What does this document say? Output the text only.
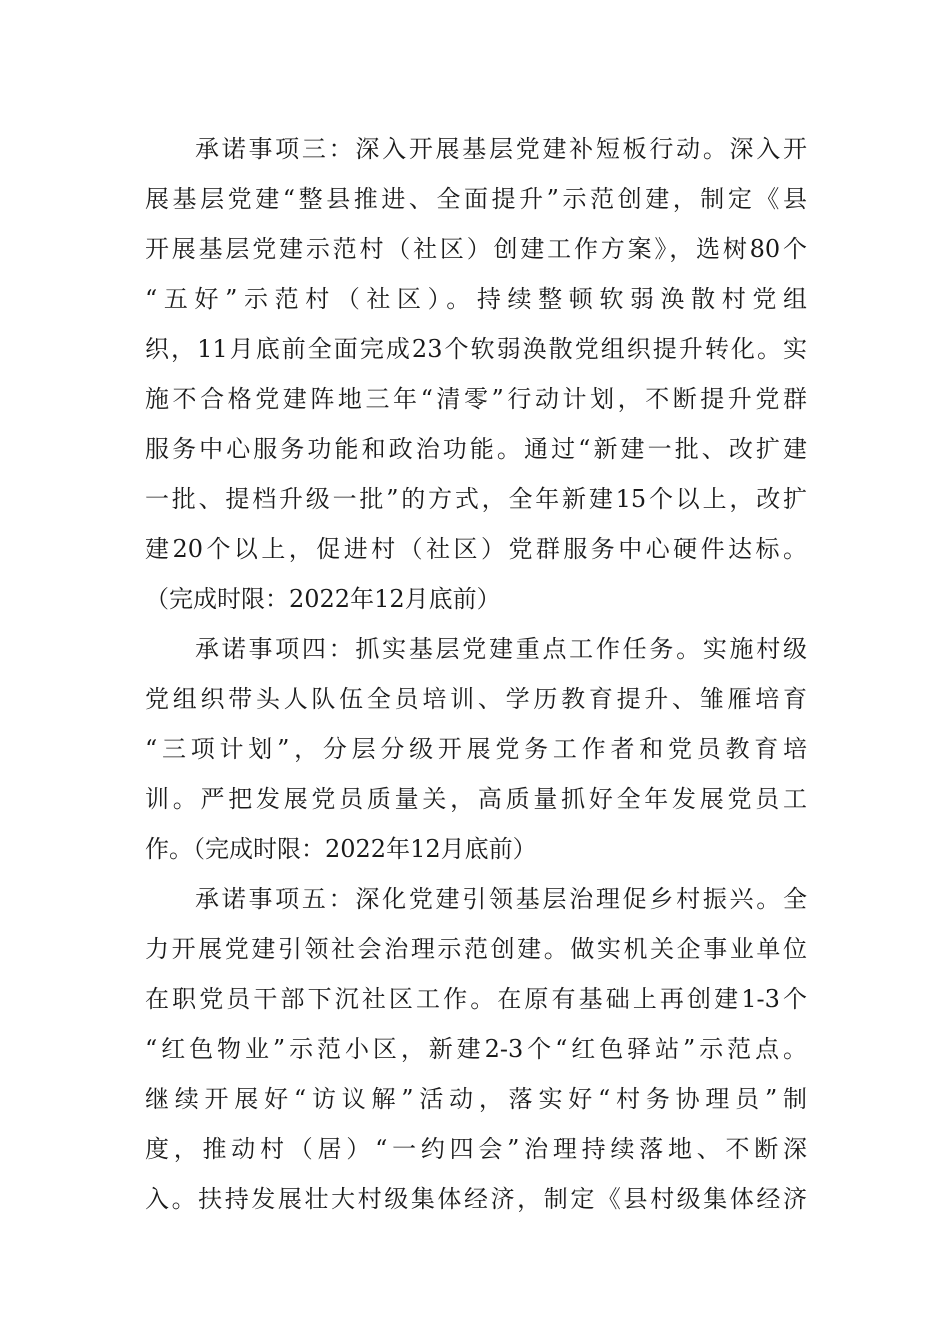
承诺事项三：深入开展基层党建补短板行动。深入开
展基层党建“整县推进、全面提升”示范创建，制定《县
开展基层党建示范村（社区）创建工作方案》，选树80个
“五好”示范村（社区）。持续整顿软弱涣散村党组
织，11月底前全面完成23个软弱涣散党组织提升转化。实
施不合格党建阵地三年“清零”行动计划，不断提升党群
服务中心服务功能和政治功能。通过“新建一批、改扩建
一批、提档升级一批”的方式，全年新建15个以上，改扩
建20个以上，促进村（社区）党群服务中心硬件达标。
（完成时限：2022年12月底前）
承诺事项四：抓实基层党建重点工作任务。实施村级
党组织带头人队伍全员培训、学历教育提升、雏雁培育
“三项计划”，分层分级开展党务工作者和党员教育培
训。严把发展党员质量关，高质量抓好全年发展党员工
作。（完成时限：2022年12月底前）
承诺事项五：深化党建引领基层治理促乡村振兴。全
力开展党建引领社会治理示范创建。做实机关企事业单位
在职党员干部下沉社区工作。在原有基础上再创建1-3个
“红色物业”示范小区，新建2-3个“红色驿站”示范点。
继续开展好“访议解”活动，落实好“村务协理员”制
度，推动村（居）“一约四会”治理持续落地、不断深
入。扶持发展壮大村级集体经济，制定《县村级集体经济
